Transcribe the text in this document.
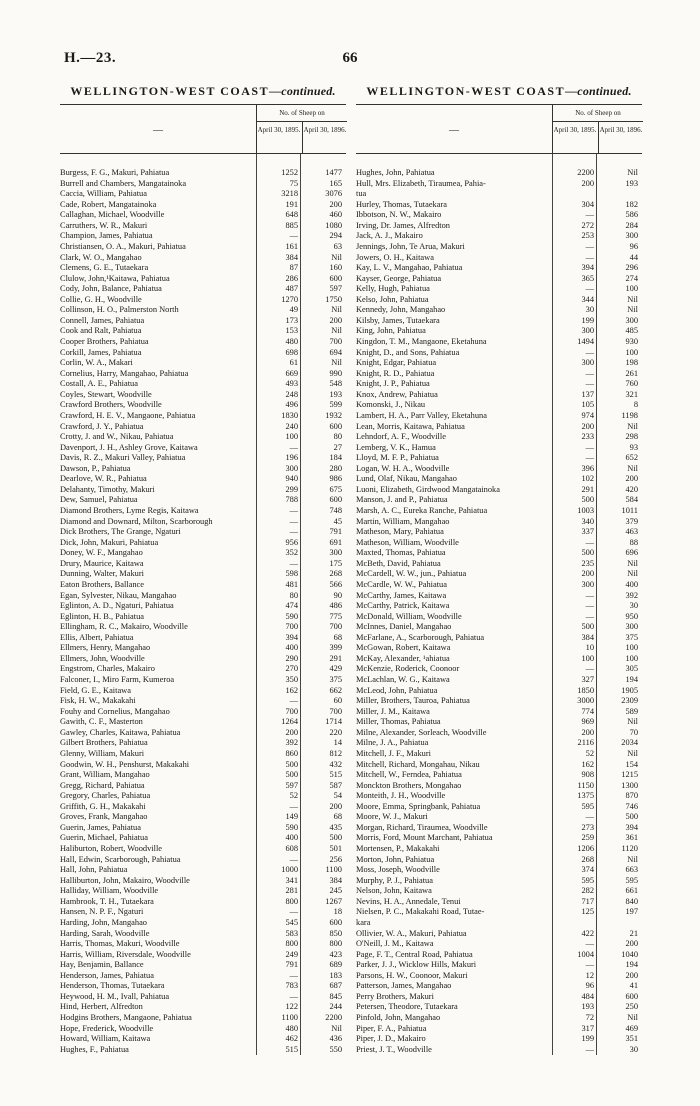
H.—23.	66
WELLINGTON-WEST COAST—continued.
—
No. of Sheep on
April 30, 1895. April 30, 1896.
Burgess, F. G., Makuri, Pahiatua	1252	1477
Burrell and Chambers, Mangatainoka	75	165
Caccia, William, Pahiatua	3218	3076
Cade, Robert, Mangatainoka	191	200
Callaghan, Michael, Woodville	648	460
Carruthers, W. R., Makuri	885	1080
Champion, James, Pahiatua	—	294
Christiansen, O. A., Makuri, Pahiatua	161	63
Clark, W. O., Mangahao	384	Nil
Clemens, G. E., Tutaekara	87	160
Clulow, John,¹Kaitawa, Pahiatua	286	600
Cody, John, Balance, Pahiatua	487	597
Collie, G. H., Woodville	1270	1750
Collinson, H. O., Palmerston North	49	Nil
Connell, James, Pahiatua	173	200
Cook and Ralt, Pahiatua	153	Nil
Cooper Brothers, Pahiatua	480	700
Corkill, James, Pahiatua	698	694
Corlin, W. A., Makari	61	Nil
Cornelius, Harry, Mangahao, Pahiatua	669	990
Costall, A. E., Pahiatua	493	548
Coyles, Stewart, Woodville	248	193
Crawford Brothers, Woodville	496	599
Crawford, H. E. V., Mangaone, Pahiatua	1830	1932
Crawford, J. Y., Pahiatua	240	600
Crotty, J. and W., Nikau, Pahiatua	100	80
Davenport, J. H., Ashley Grove, Kaitawa	—	27
Davis, R. Z., Makuri Valley, Pahiatua	196	184
Dawson, P., Pahiatua	300	280
Dearlove, W. R., Pahiatua	940	986
Delahanty, Timothy, Makuri	299	675
Dew, Samuel, Pahiatua	788	600
Diamond Brothers, Lyme Regis, Kaitawa	—	748
Diamond and Downard, Milton, Scarborough	—	45
Dick Brothers, The Grange, Ngaturi	—	791
Dick, John, Makuri, Pahiatua	956	691
Doney, W. F., Mangahao	352	300
Drury, Maurice, Kaitawa	—	175
Dunning, Walter, Makuri	598	268
Eaton Brothers, Ballance	481	566
Egan, Sylvester, Nikau, Mangahao	80	90
Eglinton, A. D., Ngaturi, Pahiatua	474	486
Eglinton, H. B., Pahiatua	590	775
Ellingham, R. C., Makairo, Woodville	700	700
Ellis, Albert, Pahiatua	394	68
Ellmers, Henry, Mangahao	400	399
Ellmers, John, Woodville	290	291
Engstrom, Charles, Makairo	270	429
Falconer, I., Miro Farm, Kumeroa	350	375
Field, G. E., Kaitawa	162	662
Fisk, H. W., Makakahi	—	60
Fouhy and Cornelius, Mangahao	700	700
Gawith, C. F., Masterton	1264	1714
Gawley, Charles, Kaitawa, Pahiatua	200	220
Gilbert Brothers, Pahiatua	392	14
Glenny, William, Makuri	860	812
Goodwin, W. H., Penshurst, Makakahi	500	432
Grant, William, Mangahao	500	515
Gregg, Richard, Pahiatua	597	587
Gregory, Charles, Pahiatua	52	54
Griffith, G. H., Makakahi	—	200
Groves, Frank, Mangahao	149	68
Guerin, James, Pahiatua	590	435
Guerin, Michael, Pahiatua	400	500
Haliburton, Robert, Woodville	608	501
Hall, Edwin, Scarborough, Pahiatua	—	256
Hall, John, Pahiatua	1000	1100
Halliburton, John, Makairo, Woodville	341	384
Halliday, William, Woodville	281	245
Hambrook, T. H., Tutaekara	800	1267
Hansen, N. P. F., Ngaturi	—	18
Harding, John, Mangahao	545	600
Harding, Sarah, Woodville	583	850
Harris, Thomas, Makuri, Woodville	800	800
Harris, William, Riversdale, Woodville	249	423
Hay, Benjamin, Ballance	791	689
Henderson, James, Pahiatua	—	183
Henderson, Thomas, Tutaekara	783	687
Heywood, H. M., Ivall, Pahiatua	—	845
Hind, Herbert, Alfredton	122	244
Hodgins Brothers, Mangaone, Pahiatua	1100	2200
Hope, Frederick, Woodville	480	Nil
Howard, William, Kaitawa	462	436
Hughes, F., Pahiatua	515	550
WELLINGTON-WEST COAST—continued.
—
No. of Sheep on
April 30, 1895. April 30, 1896.
Hughes, John, Pahiatua	2200	Nil
Hull, Mrs. Elizabeth, Tiraumea, Pahia-	200	193
tua
Hurley, Thomas, Tutaekara	304	182
Ibbotson, N. W., Makairo	—	586
Irving, Dr. James, Alfredton	272	284
Jack, A. J., Makairo	253	300
Jennings, John, Te Arua, Makuri	—	96
Jowers, O. H., Kaitawa	—	44
Kay, L. V., Mangahao, Pahiatua	394	296
Kayser, George, Pahiatua	365	274
Kelly, Hugh, Pahiatua	—	100
Kelso, John, Pahiatua	344	Nil
Kennedy, John, Mangahao	30	Nil
Kilsby, James, Tutaekara	199	300
King, John, Pahiatua	300	485
Kingdon, T. M., Mangaone, Eketahuna	1494	930
Knight, D., and Sons, Pahiatua	—	100
Knight, Edgar, Pahiatua	300	198
Knight, R. D., Pahiatua	—	261
Knight, J. P., Pahiatua	—	760
Knox, Andrew, Pahiatua	137	321
Komonski, J., Nikau	105	8
Lambert, H. A., Parr Valley, Eketahuna	974	1198
Lean, Morris, Kaitawa, Pahiatua	200	Nil
Lehndorf, A. F., Woodville	233	298
Lemberg, V. K., Hamua	—	93
Lloyd, M. F. P., Pahiatua	—	652
Logan, W. H. A., Woodville	396	Nil
Lund, Olaf, Nikau, Mangahao	102	200
Luoni, Elizabeth, Girdwood Mangatainoka	291	420
Manson, J. and P., Pahiatua	500	584
Marsh, A. C., Eureka Ranche, Pahiatua	1003	1011
Martin, William, Mangahao	340	379
Matheson, Mary, Pahiatua	337	463
Matheson, William, Woodville	—	88
Maxted, Thomas, Pahiatua	500	696
McBeth, David, Pahiatua	235	Nil
McCardell, W. W., jun., Pahiatua	200	Nil
McCardle, W. W., Pahiatua	300	400
McCarthy, James, Kaitawa	—	392
McCarthy, Patrick, Kaitawa	—	30
McDonald, William, Woodville	—	950
McInnes, Daniel, Mangahao	500	300
McFarlane, A., Scarborough, Pahiatua	384	375
McGowan, Robert, Kaitawa	10	100
McKay, Alexander, ¹ahiatua	100	100
McKenzie, Roderick, Coonoor	—	305
McLachlan, W. G., Kaitawa	327	194
McLeod, John, Pahiatua	1850	1905
Miller, Brothers, Tauroa, Pahiatua	3000	2309
Miller, J. M., Kaitawa	774	589
Miller, Thomas, Pahiatua	969	Nil
Milne, Alexander, Sorleach, Woodville	200	70
Milne, J. A., Pahiatua	2116	2034
Mitchell, J. F., Makuri	52	Nil
Mitchell, Richard, Mongahau, Nikau	162	154
Mitchell, W., Ferndea, Pahiatua	908	1215
Monckton Brothers, Mongahao	1150	1300
Monteith, J. H., Woodville	1375	870
Moore, Emma, Springbank, Pahiatua	595	746
Moore, W. J., Makuri	—	500
Morgan, Richard, Tiraumea, Woodville	273	394
Morris, Ford, Mount Marchant, Pahiatua	259	361
Mortensen, P., Makakahi	1206	1120
Morton, John, Pahiatua	268	Nil
Moss, Joseph, Woodville	374	663
Murphy, P. J., Pahiatua	595	595
Nelson, John, Kaitawa	282	661
Nevins, H. A., Annedale, Tenui	717	840
Nielsen, P. C., Makakahi Road, Tutae-	125	197
kara
Ollivier, W. A., Makuri, Pahiatua	422	21
O'Neill, J. M., Kaitawa	—	200
Page, F. T., Central Road, Pahiatua	1004	1040
Parker, J. J., Wicklow Hills, Makuri	—	194
Parsons, H. W., Coonoor, Makuri	12	200
Patterson, James, Mangahao	96	41
Perry Brothers, Makuri	484	600
Petersen, Theodore, Tutaekara	193	250
Pinfold, John, Mangahao	72	Nil
Piper, F. A., Pahiatua	317	469
Piper, J. D., Makairo	199	351
Priest, J. T., Woodville	—	30
